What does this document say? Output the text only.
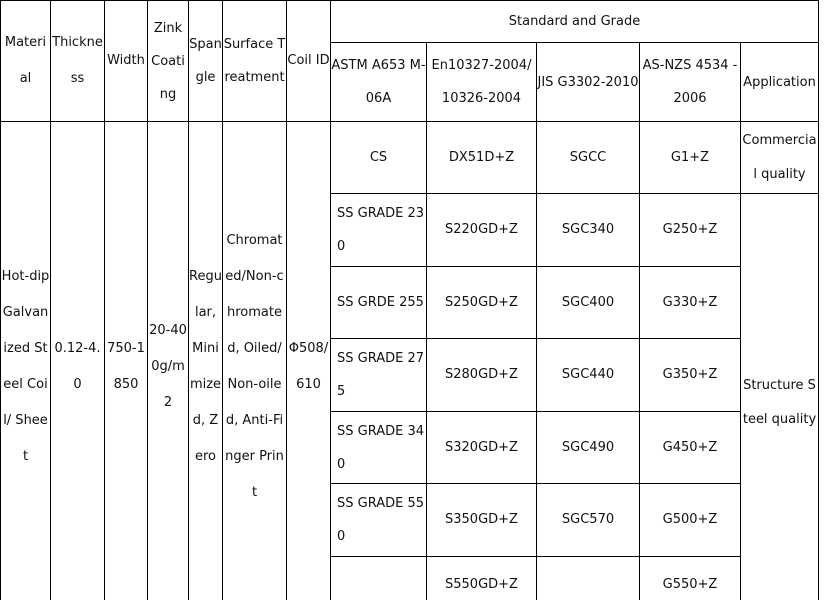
Material	Thickness	Width	Zink Coating	Spangle	Surface Treatment	Coil ID	Standard and Grade				
							ASTM A653 M-06A	En10327-2004/ 10326-2004	JIS G3302-2010	AS-NZS 4534 -2006	Application
Hot-dip Galvanized Steel Coil/ Sheet	0.12-4.0	750-1850	20-400g/m2	Regular, Minimized, Zero	Chromated/Non-chromated, Oiled/Non-oiled, Anti-Finger Print	Φ508/610	CS	DX51D+Z	SGCC	G1+Z	Commercial quality
							SS GRADE 230	S220GD+Z	SGC340	G250+Z	Structure Steel quality
							SS GRDE 255	S250GD+Z	SGC400	G330+Z	
							SS GRADE 275	S280GD+Z	SGC440	G350+Z	
							SS GRADE 340	S320GD+Z	SGC490	G450+Z	
							SS GRADE 550	S350GD+Z	SGC570	G500+Z	
								S550GD+Z		G550+Z	
